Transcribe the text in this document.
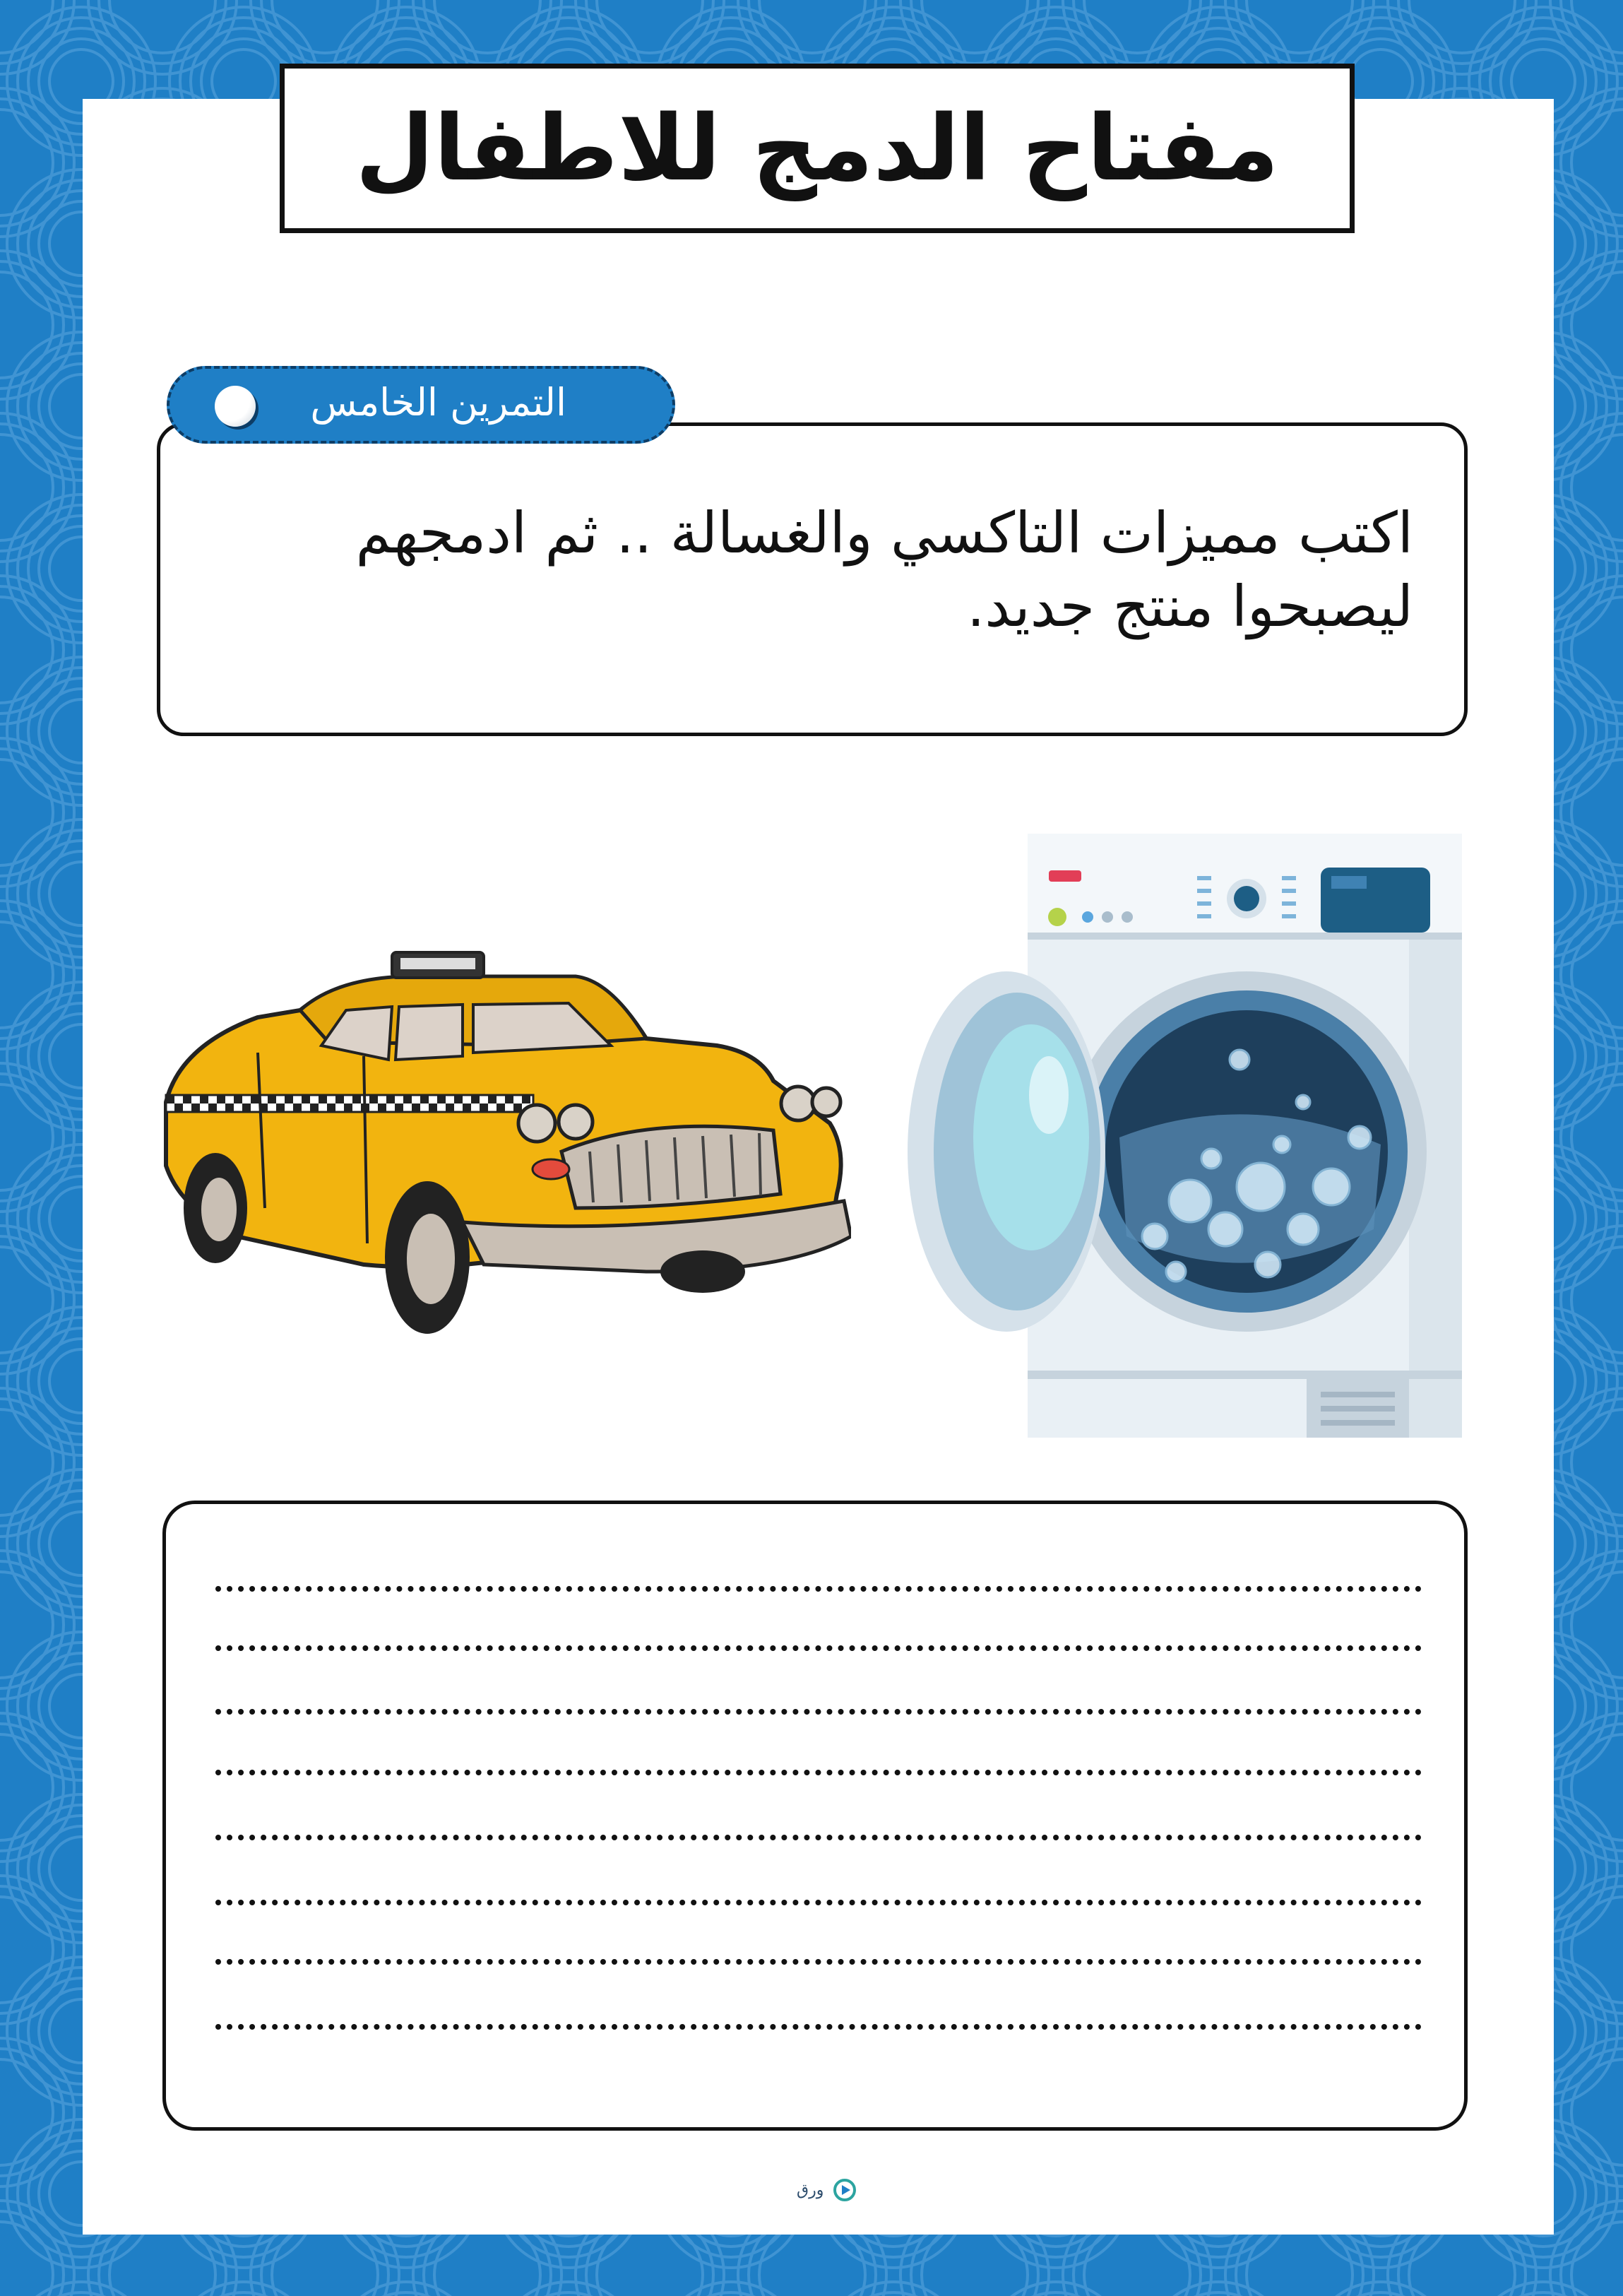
مفتاح الدمج للاطفال
اكتب مميزات التاكسي والغسالة .. ثم ادمجهم ليصبحوا منتج جديد.
التمرين الخامس
ورق
